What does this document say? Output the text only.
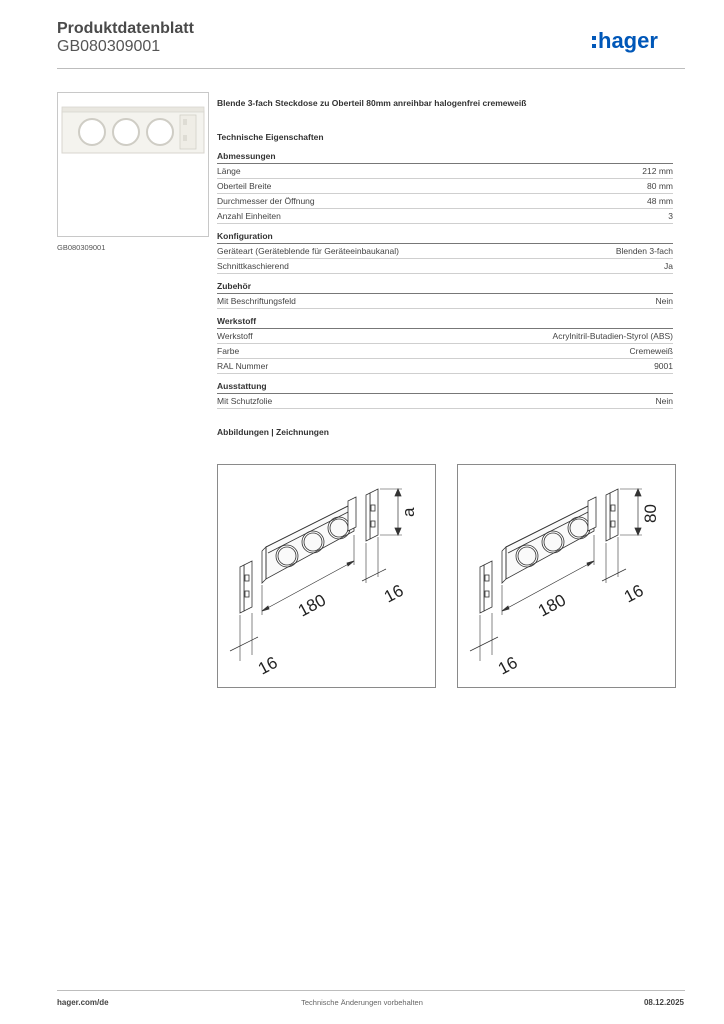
Produktdatenblatt
GB080309001	hager
GB080309001
Blende 3-fach Steckdose zu Oberteil 80mm anreihbar halogenfrei cremeweiß
Technische Eigenschaften
Abmessungen
Länge	212 mm
Oberteil Breite	80 mm
Durchmesser der Öffnung	48 mm
Anzahl Einheiten	3
Konfiguration
Geräteart (Geräteblende für Geräteeinbaukanal)	Blenden 3-fach
Schnittkaschierend	Ja
Zubehör
Mit Beschriftungsfeld	Nein
Werkstoff
Werkstoff	Acrylnitril-Butadien-Styrol (ABS)
Farbe	Cremeweiß
RAL Nummer	9001
Ausstattung
Mit Schutzfolie	Nein
Abbildungen | Zeichnungen
180
16
16
a
180
16
16
80
hager.com/de	Technische Änderungen vorbehalten	08.12.2025
